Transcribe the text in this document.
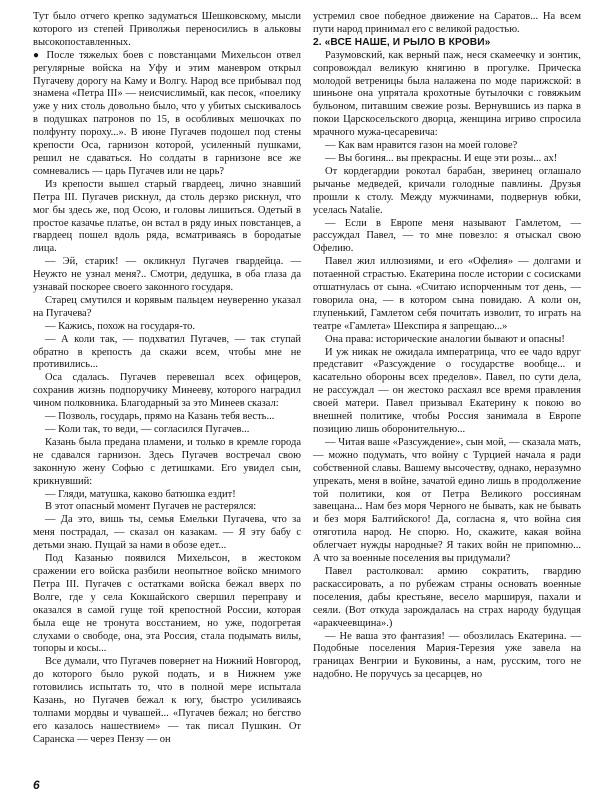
Тут было отчего крепко задуматься Шешковскому, мысли которого из степей Приволжья переносились в альковы высокопоставленных.

● После тяжелых боев с повстанцами Михельсон отвел регулярные войска на Уфу и этим маневром открыл Пугачеву дорогу на Каму и Волгу. Народ все прибывал под знамена «Петра III» — неисчислимый, как песок, «поелику уже у них столь довольно было, что у убитых сыскивалось в подушках патронов по 15, в особливых мешочках по полфунту пороху...». В июне Пугачев подошел под стены крепости Оса, гарнизон которой, усиленный пушками, решил не сдаваться. Но солдаты в гарнизоне все же сомневались — царь Пугачев или не царь?

Из крепости вышел старый гвардеец, лично знавший Петра III. Пугачев рискнул, да столь дерзко рискнул, что мог бы здесь же, под Осою, и головы лишиться. Одетый в простое казачье платье, он встал в ряду иных повстанцев, а гвардеец пошел вдоль ряда, всматриваясь в бородатые лица.

— Эй, старик! — окликнул Пугачев гвардейца. — Неужто не узнал меня?.. Смотри, дедушка, в оба глаза да узнавай поскорее своего законного государя.

Старец смутился и корявым пальцем неуверенно указал на Пугачева?

— Кажись, похож на государя-то.

— А коли так, — подхватил Пугачев, — так ступай обратно в крепость да скажи всем, чтобы мне не противились...

Оса сдалась. Пугачев перевешал всех офицеров, сохранив жизнь подпоручику Минееву, которого наградил чином полковника. Благодарный за это Минеев сказал:

— Позволь, государь, прямо на Казань тебя весть...

— Коли так, то веди, — согласился Пугачев...

Казань была предана пламени, и только в кремле города не сдавался гарнизон. Здесь Пугачев востречал свою законную жену Софью с детишками. Его увидел сын, крикнувший:

— Гляди, матушка, каково батюшка ездит!

В этот опасный момент Пугачев не растерялся:

— Да это, вишь ты, семья Емельки Пугачева, что за меня пострадал, — сказал он казакам. — Я эту бабу с детьми знаю. Пущай за нами в обозе едет...

Под Казанью появился Михельсон, в жестоком сражении его войска разбили неопытное войско мнимого Петра III. Пугачев с остатками войска бежал вверх по Волге, где у села Кокшайского свершил переправу и оказался в самой гуще той крепостной России, которая была еще не тронута восстанием, но уже, подогретая слухами о свободе, она, эта Россия, стала подымать вилы, топоры и косы...

Все думали, что Пугачев повернет на Нижний Новгород, до которого было рукой подать, и в Нижнем уже готовились испытать то, что в полной мере испытала Казань, но Пугачев бежал к югу, быстро усиливаясь толпами мордвы и чувашей... «Пугачев бежал; но бегство его казалось нашествием» — так писал Пушкин. От Саранска — через Пензу — он

устремил свое победное движение на Саратов... На всем пути народ принимал его с великой радостью.

2. «ВСЕ НАШЕ, И РЫЛО В КРОВИ»

Разумовский, как верный паж, неся скамеечку и зонтик, сопровождал великую княгиню в прогулке. Прическа молодой ветреницы была налажена по моде парижской: в шиньоне она упрятала крохотные бутылочки с говяжьим бульоном, питавшим свежие розы. Вернувшись из парка в покои Царскосельского дворца, женщина игриво спросила мрачного мужа-цесаревича:

— Как вам нравится газон на моей голове?

— Вы богиня... вы прекрасны. И еще эти розы... ах!

От кордегардии рокотал барабан, зверинец оглашало рычанье медведей, кричали голодные павлины. Друзья прошли к столу. Между мужчинами, подвернув юбки, уселась Natalie.

— Если в Европе меня называют Гамлетом, — рассуждал Павел, — то мне повезло: я отыскал свою Офелию.

Павел жил иллюзиями, и его «Офелия» — долгами и потаенной страстью. Екатерина после истории с сосисками отшатнулась от сына. «Считаю испорченным тот день, — говорила она, — в котором сына повидаю. А коли он, глупенький, Гамлетом себя почитать изволит, то играть на театре «Гамлета» Шекспира я запрещаю...»

Она права: исторические аналогии бывают и опасны!

И уж никак не ожидала императрица, что ее чадо вдруг представит «Разсуждение о государстве вообще... и касательно обороны всех пределов». Павел, по сути дела, не рассуждал — он жестоко расхаял все время правления своей матери. Павел призывал Екатерину к покою во внешней политике, чтобы Россия занимала в Европе позицию лишь оборонительную...

— Читая ваше «Разсуждение», сын мой, — сказала мать, — можно подумать, что войну с Турцией начала я ради собственной славы. Вашему высочеству, однако, неразумно упрекать, меня в войне, зачатой едино лишь в продолжение той политики, коя от Петра Великого россиянам завещана... Нам без моря Черного не бывать, как не бывать и без моря Балтийского! Да, согласна я, что война сия отяготила народ. Не спорю. Но, скажите, какая война облегчает нужды народные? Я таких войн не припомню... А что за военные поселения вы придумали?

Павел растолковал: армию сократить, гвардию раскассировать, а по рубежам страны основать военные поселения, дабы крестьяне, весело маршируя, пахали и сеяли. (Вот откуда зарождалась на страх народу будущая «аракчеевщина».)

— Не ваша это фантазия! — обозлилась Екатерина. — Подобные поселения Мария-Терезия уже завела на границах Венгрии и Буковины, а нам, русским, того не надобно. Не поручусь за цесарцев, но

6
